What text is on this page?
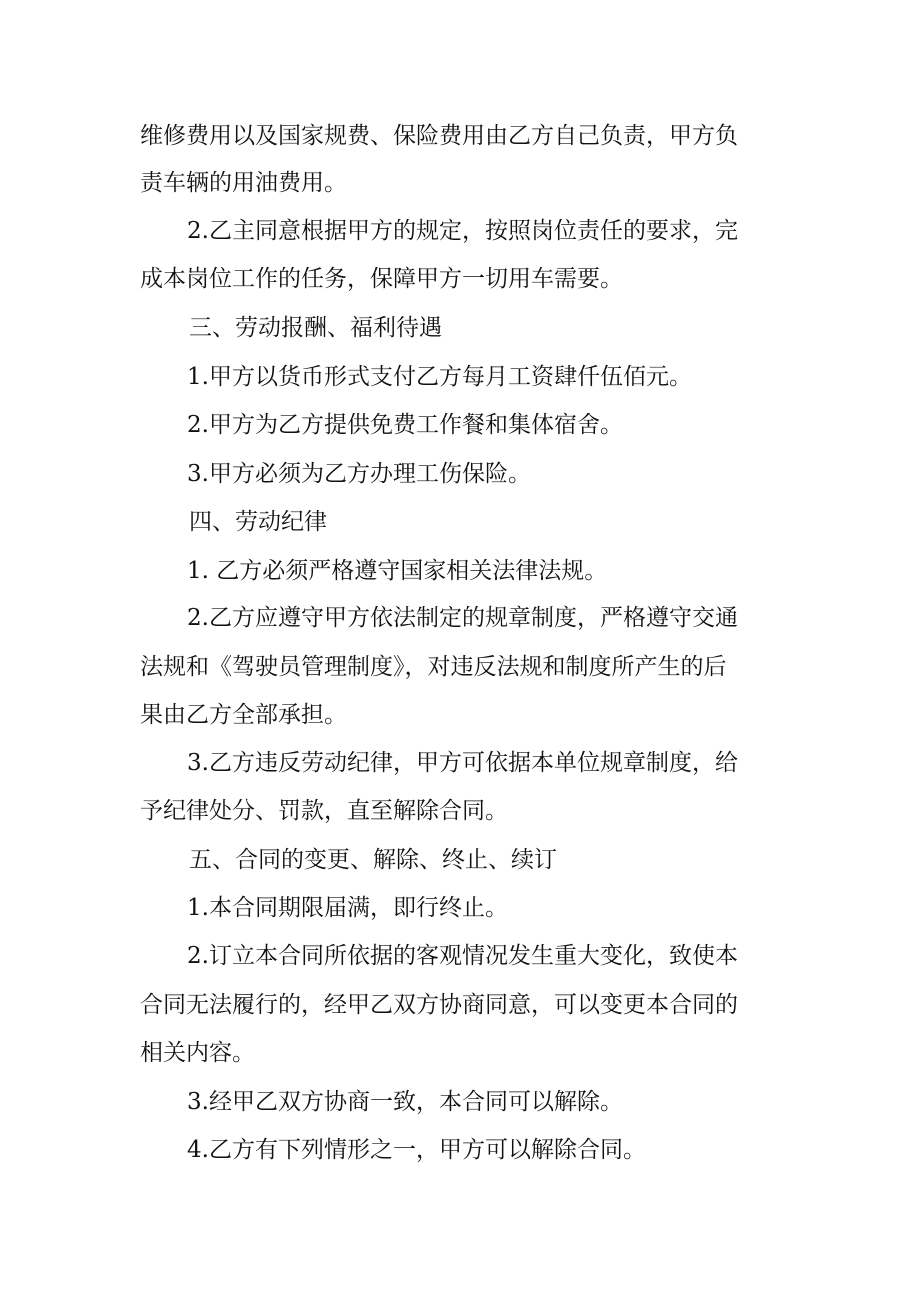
维修费用以及国家规费、保险费用由乙方自己负责，甲方负
责车辆的用油费用。
2.乙主同意根据甲方的规定，按照岗位责任的要求，完
成本岗位工作的任务，保障甲方一切用车需要。
三、劳动报酬、福利待遇
1.甲方以货币形式支付乙方每月工资肆仟伍佰元。
2.甲方为乙方提供免费工作餐和集体宿舍。
3.甲方必须为乙方办理工伤保险。
四、劳动纪律
1. 乙方必须严格遵守国家相关法律法规。
2.乙方应遵守甲方依法制定的规章制度，严格遵守交通
法规和《驾驶员管理制度》，对违反法规和制度所产生的后
果由乙方全部承担。
3.乙方违反劳动纪律，甲方可依据本单位规章制度，给
予纪律处分、罚款，直至解除合同。
五、合同的变更、解除、终止、续订
1.本合同期限届满，即行终止。
2.订立本合同所依据的客观情况发生重大变化，致使本
合同无法履行的，经甲乙双方协商同意，可以变更本合同的
相关内容。
3.经甲乙双方协商一致，本合同可以解除。
4.乙方有下列情形之一，甲方可以解除合同。
